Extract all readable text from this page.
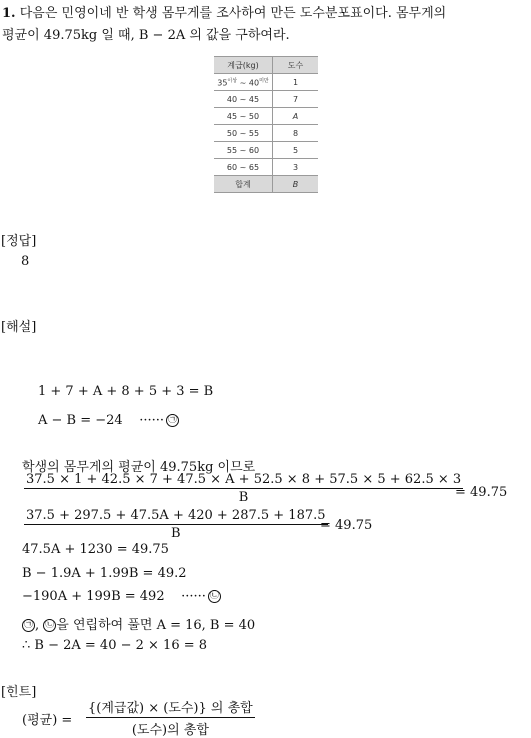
1. 다음은 민영이네 반 학생 몸무게를 조사하여 만든 도수분포표이다. 몸무게의
평균이 49.75kg 일 때, B − 2A 의 값을 구하여라.
계급(kg)	도수
$35^{이상}$ ~ $40^{미만}$	1
40 ~ 45	7
45 ~ 50	A
50 ~ 55	8
55 ~ 60	5
60 ~ 65	3
합계	B
[정답]
8
[해설]
1 + 7 + A + 8 + 5 + 3 = B
A − B = −24 ······ ㉠
학생의 몸무게의 평균이 49.75kg 이므로
37.5 × 1 + 42.5 × 7 + 47.5 × A + 52.5 × 8 + 57.5 × 5 + 62.5 × 3
B	= 49.75
37.5 + 297.5 + 47.5A + 420 + 287.5 + 187.5
B
= 49.75
47.5A + 1230 = 49.75
B − 1.9A + 1.99B = 49.2
−190A + 199B = 492 ······ ㉡
㉠ , ㉡ 을 연립하여 풀면 A = 16, B = 40
∴ B − 2A = 40 − 2 × 16 = 8
[힌트]
(평균) =
{(계급값) × (도수)} 의 총합
(도수)의 총합
